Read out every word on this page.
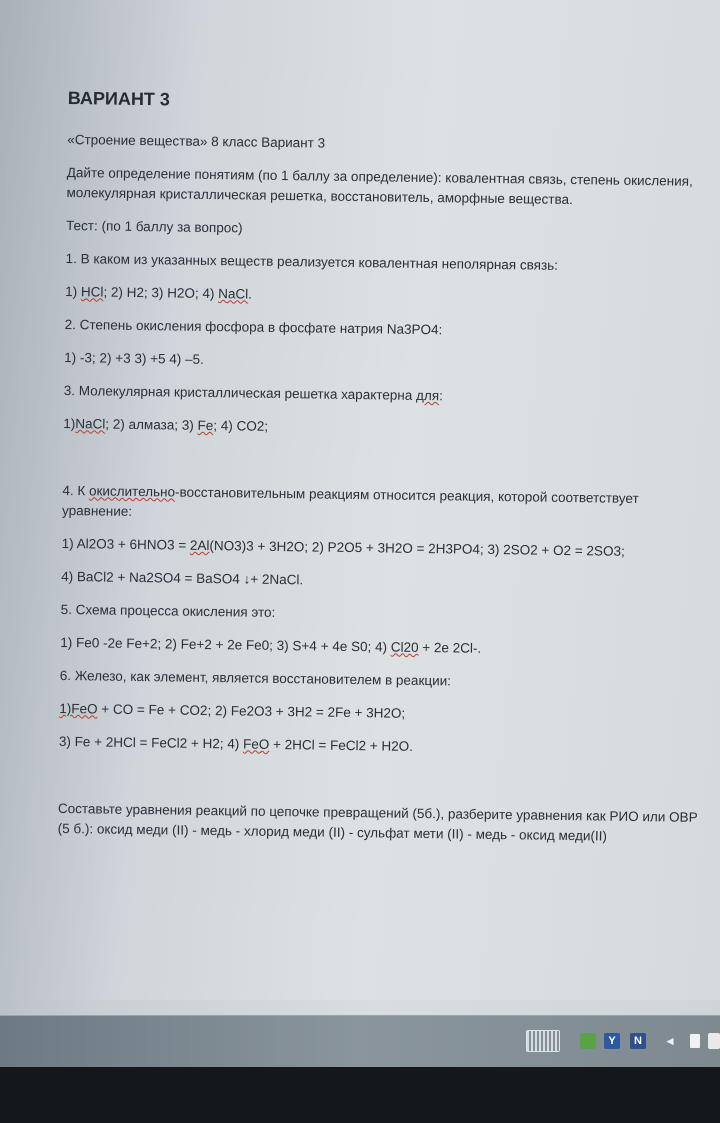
ВАРИАНТ 3

«Строение вещества» 8 класс Вариант 3

Дайте определение понятиям (по 1 баллу за определение): ковалентная связь, степень окисления, молекулярная кристаллическая решетка, восстановитель, аморфные вещества.

Тест: (по 1 баллу за вопрос)

1. В каком из указанных веществ реализуется ковалентная неполярная связь:

1) HCl; 2) H2; 3) H2O; 4) NaCl.

2. Степень окисления фосфора в фосфате натрия Na3PO4:

1) -3; 2) +3 3) +5 4) –5.

3. Молекулярная кристаллическая решетка характерна для:

1)NaCl; 2) алмаза; 3) Fe; 4) CO2;

4. К окислительно-восстановительным реакциям относится реакция, которой соответствует уравнение:

1) Al2O3 + 6HNO3 = 2Al(NO3)3 + 3H2O; 2) P2O5 + 3H2O = 2H3PO4; 3) 2SO2 + O2 = 2SO3;

4) BaCl2 + Na2SO4 = BaSO4 ↓+ 2NaCl.

5. Схема процесса окисления это:

1) Fe0 -2e Fe+2; 2) Fe+2 + 2e Fe0; 3) S+4 + 4e S0; 4) Cl20 + 2e 2Cl-.

6. Железо, как элемент, является восстановителем в реакции:

1)FeO + CO = Fe + CO2; 2) Fe2O3 + 3H2 = 2Fe + 3H2O;

3) Fe + 2HCl = FeCl2 + H2; 4) FeO + 2HCl = FeCl2 + H2O.

Составьте уравнения реакций по цепочке превращений (5б.), разберите уравнения как РИО или ОВР (5 б.): оксид меди (II) - медь - хлорид меди (II) - сульфат мети (II) - медь - оксид меди(II)

Y	N	◄
